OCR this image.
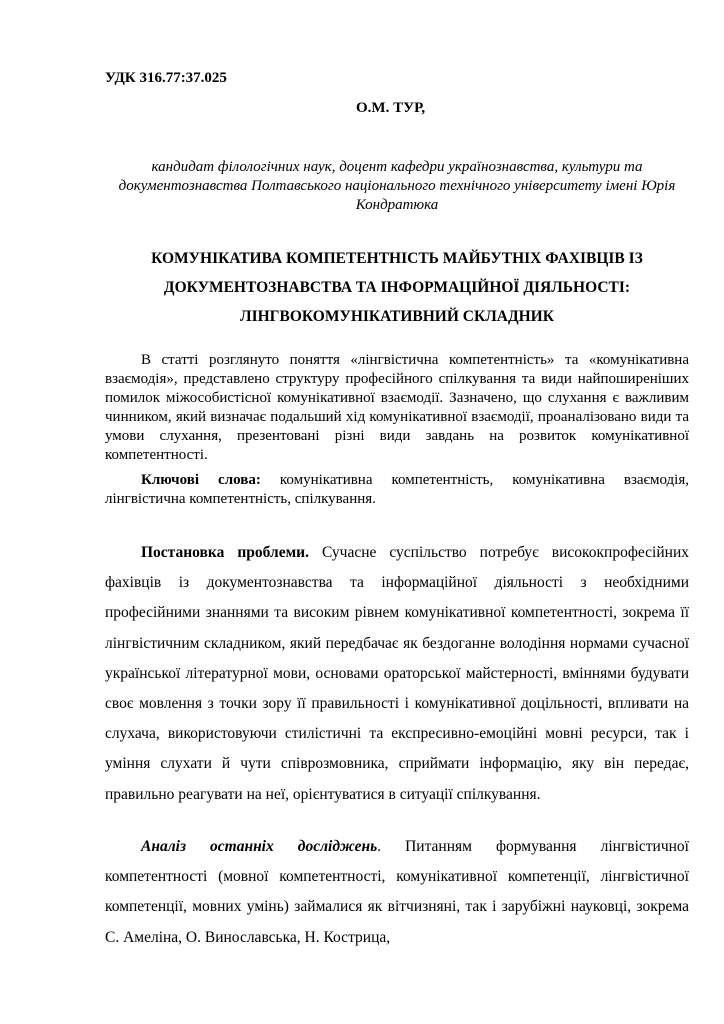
УДК 316.77:37.025
О.М. ТУР,
кандидат філологічних наук, доцент кафедри українознавства, культури та документознавства Полтавського національного технічного університету імені Юрія Кондратюка
КОМУНІКАТИВА КОМПЕТЕНТНІСТЬ МАЙБУТНІХ ФАХІВЦІВ ІЗ
ДОКУМЕНТОЗНАВСТВА ТА ІНФОРМАЦІЙНОЇ ДІЯЛЬНОСТІ:
ЛІНГВОКОМУНІКАТИВНИЙ СКЛАДНИК
В статті розглянуто поняття «лінгвістична компетентність» та «комунікативна взаємодія», представлено структуру професійного спілкування та види найпоширеніших помилок міжособистісної комунікативної взаємодії. Зазначено, що слухання є важливим чинником, який визначає подальший хід комунікативної взаємодії, проаналізовано види та умови слухання, презентовані різні види завдань на розвиток комунікативної компетентності.
Ключові слова: комунікативна компетентність, комунікативна взаємодія, лінгвістична компетентність, спілкування.
Постановка проблеми. Сучасне суспільство потребує висококпрофесійних фахівців із документознавства та інформаційної діяльності з необхідними професійними знаннями та високим рівнем комунікативної компетентності, зокрема її лінгвістичним складником, який передбачає як бездоганне володіння нормами сучасної української літературної мови, основами ораторської майстерності, вміннями будувати своє мовлення з точки зору її правильності і комунікативної доцільності, впливати на слухача, використовуючи стилістичні та експресивно-емоційні мовні ресурси, так і уміння слухати й чути співрозмовника, сприймати інформацію, яку він передає, правильно реагувати на неї, орієнтуватися в ситуації спілкування.
Аналіз останніх досліджень. Питанням формування лінгвістичної компетентності (мовної компетентності, комунікативної компетенції, лінгвістичної компетенції, мовних умінь) займалися як вітчизняні, так і зарубіжні науковці, зокрема С. Амеліна, О. Винославська, Н. Кострица,
